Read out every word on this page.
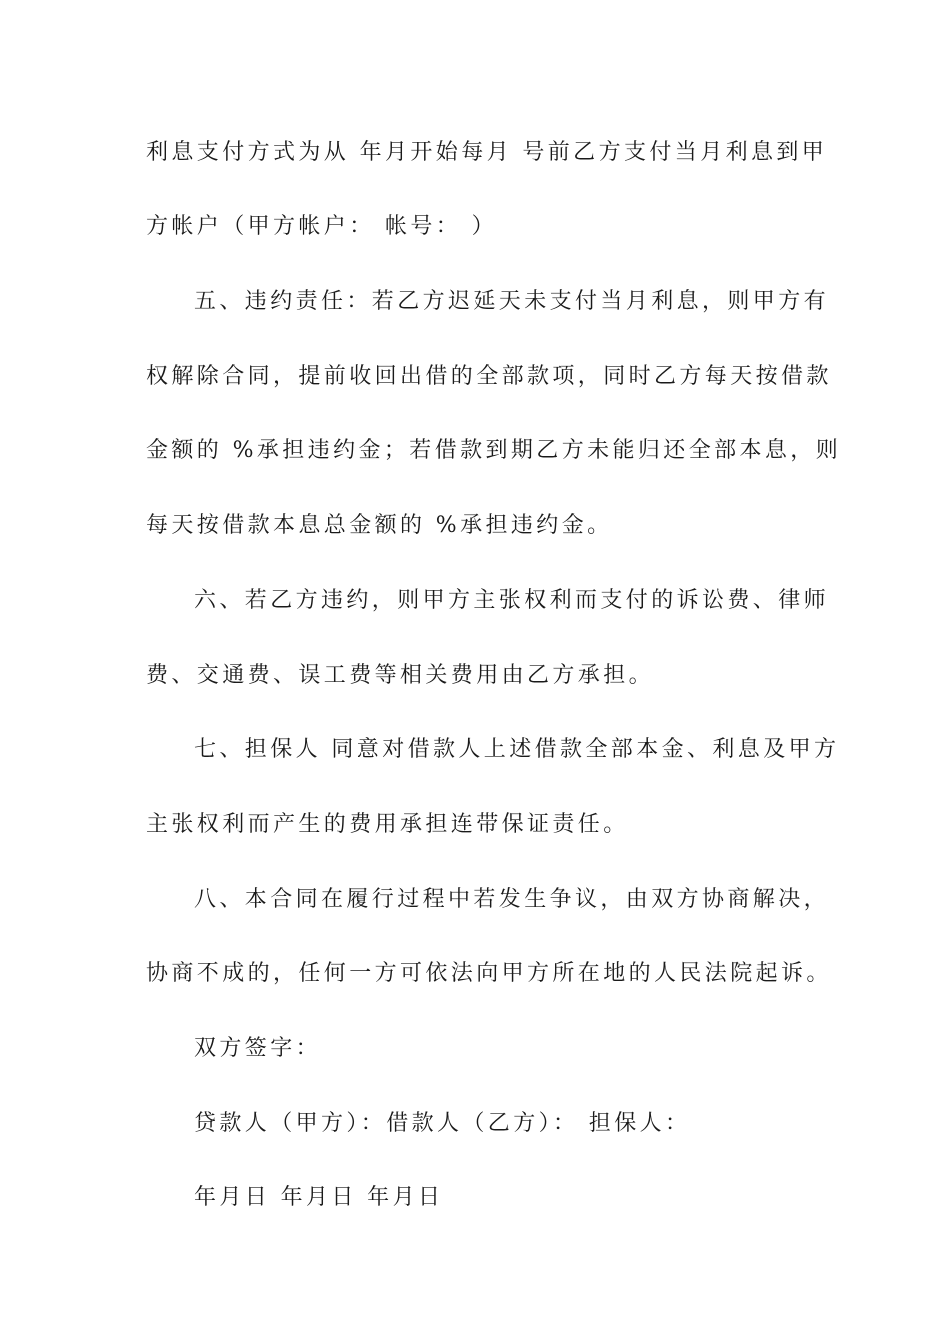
利息支付方式为从 年月开始每月 号前乙方支付当月利息到甲
方帐户（甲方帐户： 帐号： ）
五、违约责任：若乙方迟延天未支付当月利息，则甲方有
权解除合同，提前收回出借的全部款项，同时乙方每天按借款
金额的 %承担违约金；若借款到期乙方未能归还全部本息，则
每天按借款本息总金额的 %承担违约金。
六、若乙方违约，则甲方主张权利而支付的诉讼费、律师
费、交通费、误工费等相关费用由乙方承担。
七、担保人 同意对借款人上述借款全部本金、利息及甲方
主张权利而产生的费用承担连带保证责任。
八、本合同在履行过程中若发生争议，由双方协商解决，
协商不成的，任何一方可依法向甲方所在地的人民法院起诉。
双方签字：
贷款人（甲方）：借款人（乙方）： 担保人：
年月日 年月日 年月日
